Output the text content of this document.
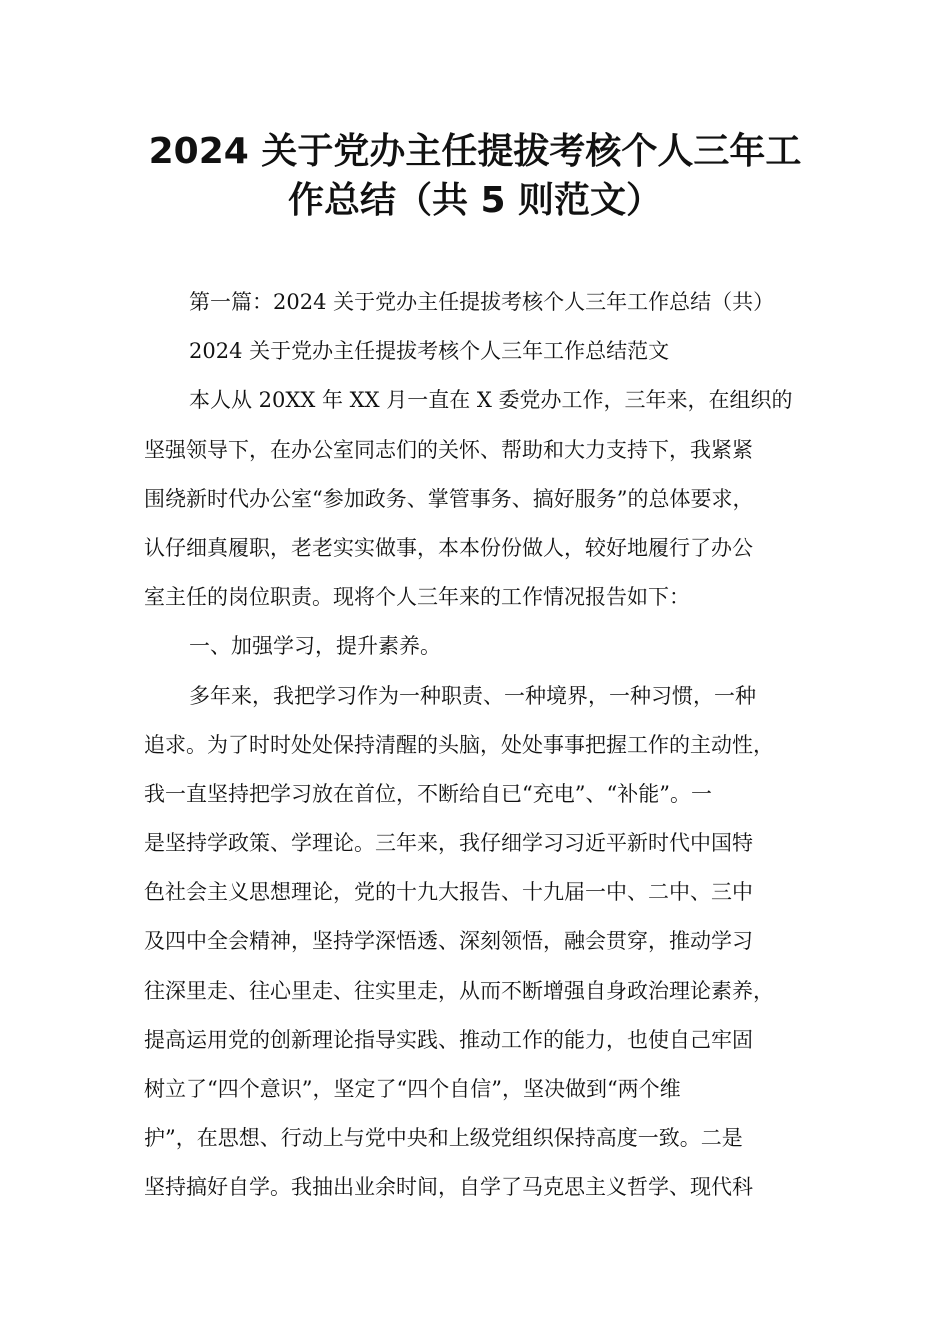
2024 关于党办主任提拔考核个人三年工
作总结（共 5 则范文）
第一篇：2024 关于党办主任提拔考核个人三年工作总结（共）
2024 关于党办主任提拔考核个人三年工作总结范文
本人从 20XX 年 XX 月一直在 X 委党办工作，三年来，在组织的
坚强领导下，在办公室同志们的关怀、帮助和大力支持下，我紧紧
围绕新时代办公室“参加政务、掌管事务、搞好服务”的总体要求，
认仔细真履职，老老实实做事，本本份份做人，较好地履行了办公
室主任的岗位职责。现将个人三年来的工作情况报告如下：
一、加强学习，提升素养。
多年来，我把学习作为一种职责、一种境界，一种习惯，一种
追求。为了时时处处保持清醒的头脑，处处事事把握工作的主动性，
我一直坚持把学习放在首位，不断给自已“充电”、“补能”。一
是坚持学政策、学理论。三年来，我仔细学习习近平新时代中国特
色社会主义思想理论，党的十九大报告、十九届一中、二中、三中
及四中全会精神，坚持学深悟透、深刻领悟，融会贯穿，推动学习
往深里走、往心里走、往实里走，从而不断增强自身政治理论素养，
提高运用党的创新理论指导实践、推动工作的能力，也使自己牢固
树立了“四个意识”，坚定了“四个自信”，坚决做到“两个维
护”，在思想、行动上与党中央和上级党组织保持高度一致。二是
坚持搞好自学。我抽出业余时间，自学了马克思主义哲学、现代科
